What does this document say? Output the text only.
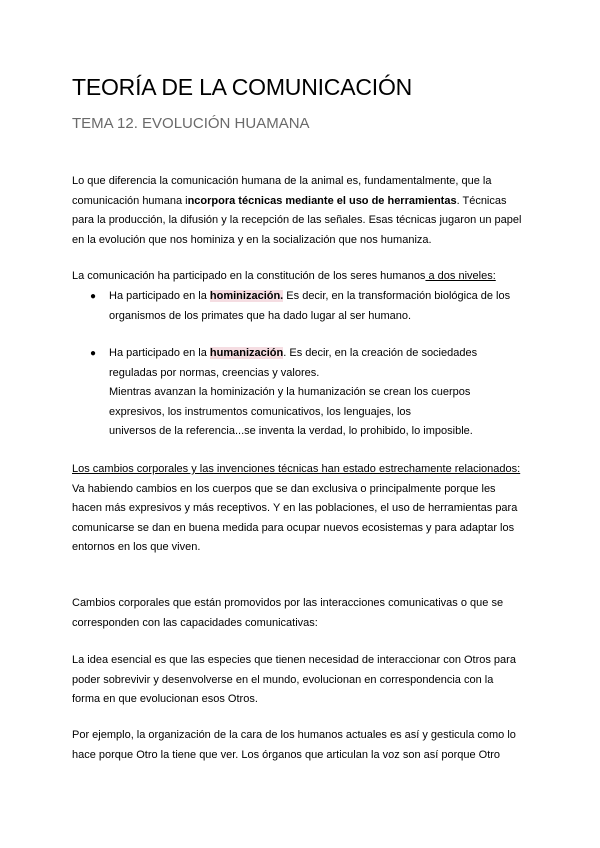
TEORÍA DE LA COMUNICACIÓN
TEMA 12. EVOLUCIÓN HUAMANA
Lo que diferencia la comunicación humana de la animal es, fundamentalmente, que la
comunicación humana incorpora técnicas mediante el uso de herramientas. Técnicas
para la producción, la difusión y la recepción de las señales. Esas técnicas jugaron un papel
en la evolución que nos hominiza y en la socialización que nos humaniza.
La comunicación ha participado en la constitución de los seres humanos a dos niveles:
●	Ha participado en la hominización. Es decir, en la transformación biológica de los
organismos de los primates que ha dado lugar al ser humano.
●	Ha participado en la humanización. Es decir, en la creación de sociedades
reguladas por normas, creencias y valores.
Mientras avanzan la hominización y la humanización se crean los cuerpos
expresivos, los instrumentos comunicativos, los lenguajes, los
universos de la referencia...se inventa la verdad, lo prohibido, lo imposible.
Los cambios corporales y las invenciones técnicas han estado estrechamente relacionados:
Va habiendo cambios en los cuerpos que se dan exclusiva o principalmente porque les
hacen más expresivos y más receptivos. Y en las poblaciones, el uso de herramientas para
comunicarse se dan en buena medida para ocupar nuevos ecosistemas y para adaptar los
entornos en los que viven.
Cambios corporales que están promovidos por las interacciones comunicativas o que se
corresponden con las capacidades comunicativas:
La idea esencial es que las especies que tienen necesidad de interaccionar con Otros para
poder sobrevivir y desenvolverse en el mundo, evolucionan en correspondencia con la
forma en que evolucionan esos Otros.
Por ejemplo, la organización de la cara de los humanos actuales es así y gesticula como lo
hace porque Otro la tiene que ver. Los órganos que articulan la voz son así porque Otro
